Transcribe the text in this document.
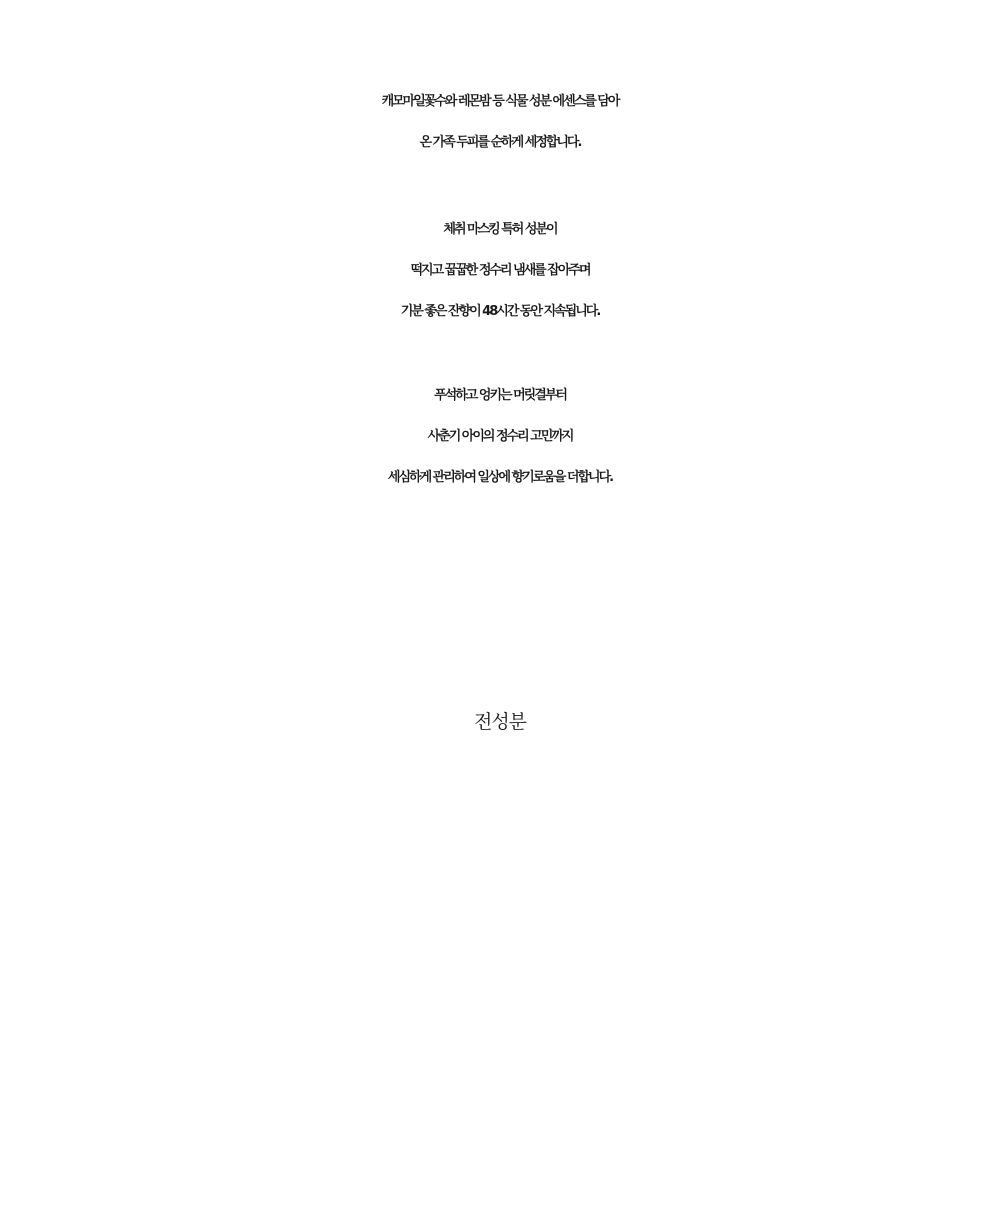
캐모마일꽃수와 레몬밤 등 식물 성분 에센스를 담아
온 가족 두피를 순하게 세정합니다.
체취 마스킹 특허 성분이
떡지고 꿉꿉한 정수리 냄새를 잡아주며
기분 좋은 잔향이 48시간 동안 지속됩니다.
푸석하고 엉키는 머릿결부터
사춘기 아이의 정수리 고민까지
세심하게 관리하여 일상에 향기로움을 더합니다.
전성분
